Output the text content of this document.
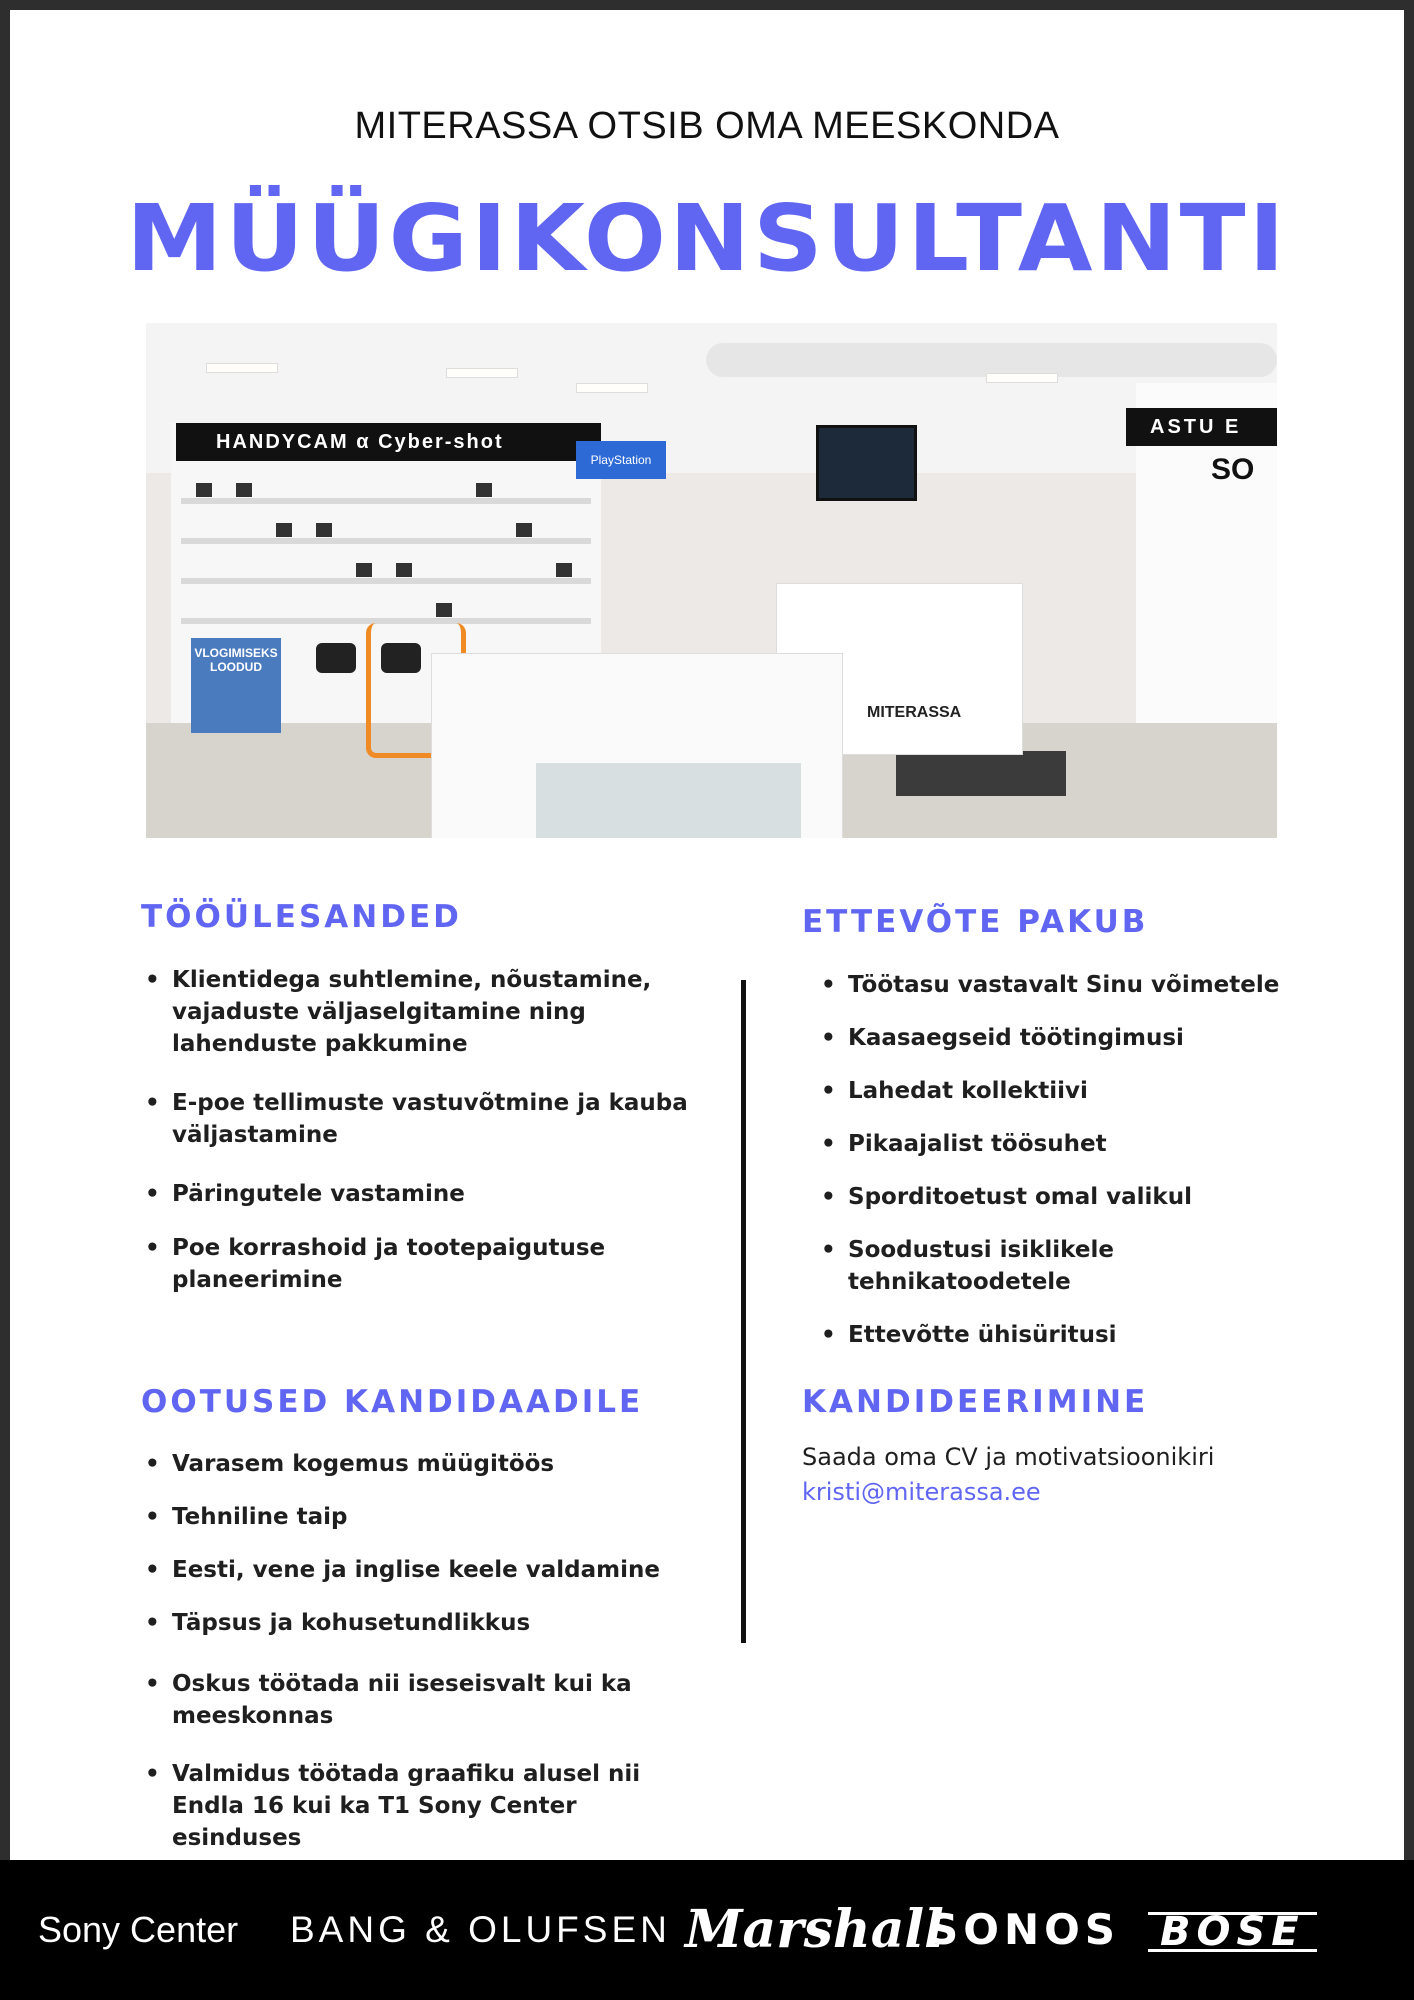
MITERASSA OTSIB OMA MEESKONDA
MÜÜGIKONSULTANTI
HANDYCAM α Cyber-shot
PlayStation
ASTU E
SO
VLOGIMISEKS LOODUD
MITERASSA
TÖÖÜLESANDED
• Klientidega suhtlemine, nõustamine, vajaduste väljaselgitamine ning lahenduste pakkumine
• E-poe tellimuste vastuvõtmine ja kauba väljastamine
• Päringutele vastamine
• Poe korrashoid ja tootepaigutuse planeerimine
ETTEVÕTE PAKUB
• Töötasu vastavalt Sinu võimetele
• Kaasaegseid töötingimusi
• Lahedat kollektiivi
• Pikaajalist töösuhet
• Sporditoetust omal valikul
• Soodustusi isiklikele tehnikatoodetele
• Ettevõtte ühisüritusi
OOTUSED KANDIDAADILE
• Varasem kogemus müügitöös
• Tehniline taip
• Eesti, vene ja inglise keele valdamine
• Täpsus ja kohusetundlikkus
• Oskus töötada nii iseseisvalt kui ka meeskonnas
• Valmidus töötada graafiku alusel nii Endla 16 kui ka T1 Sony Center esinduses
KANDIDEERIMINE
Saada oma CV ja motivatsioonikiri
kristi@miterassa.ee
Sony Center BANG & OLUFSEN Marshall
SONOS BOSE
